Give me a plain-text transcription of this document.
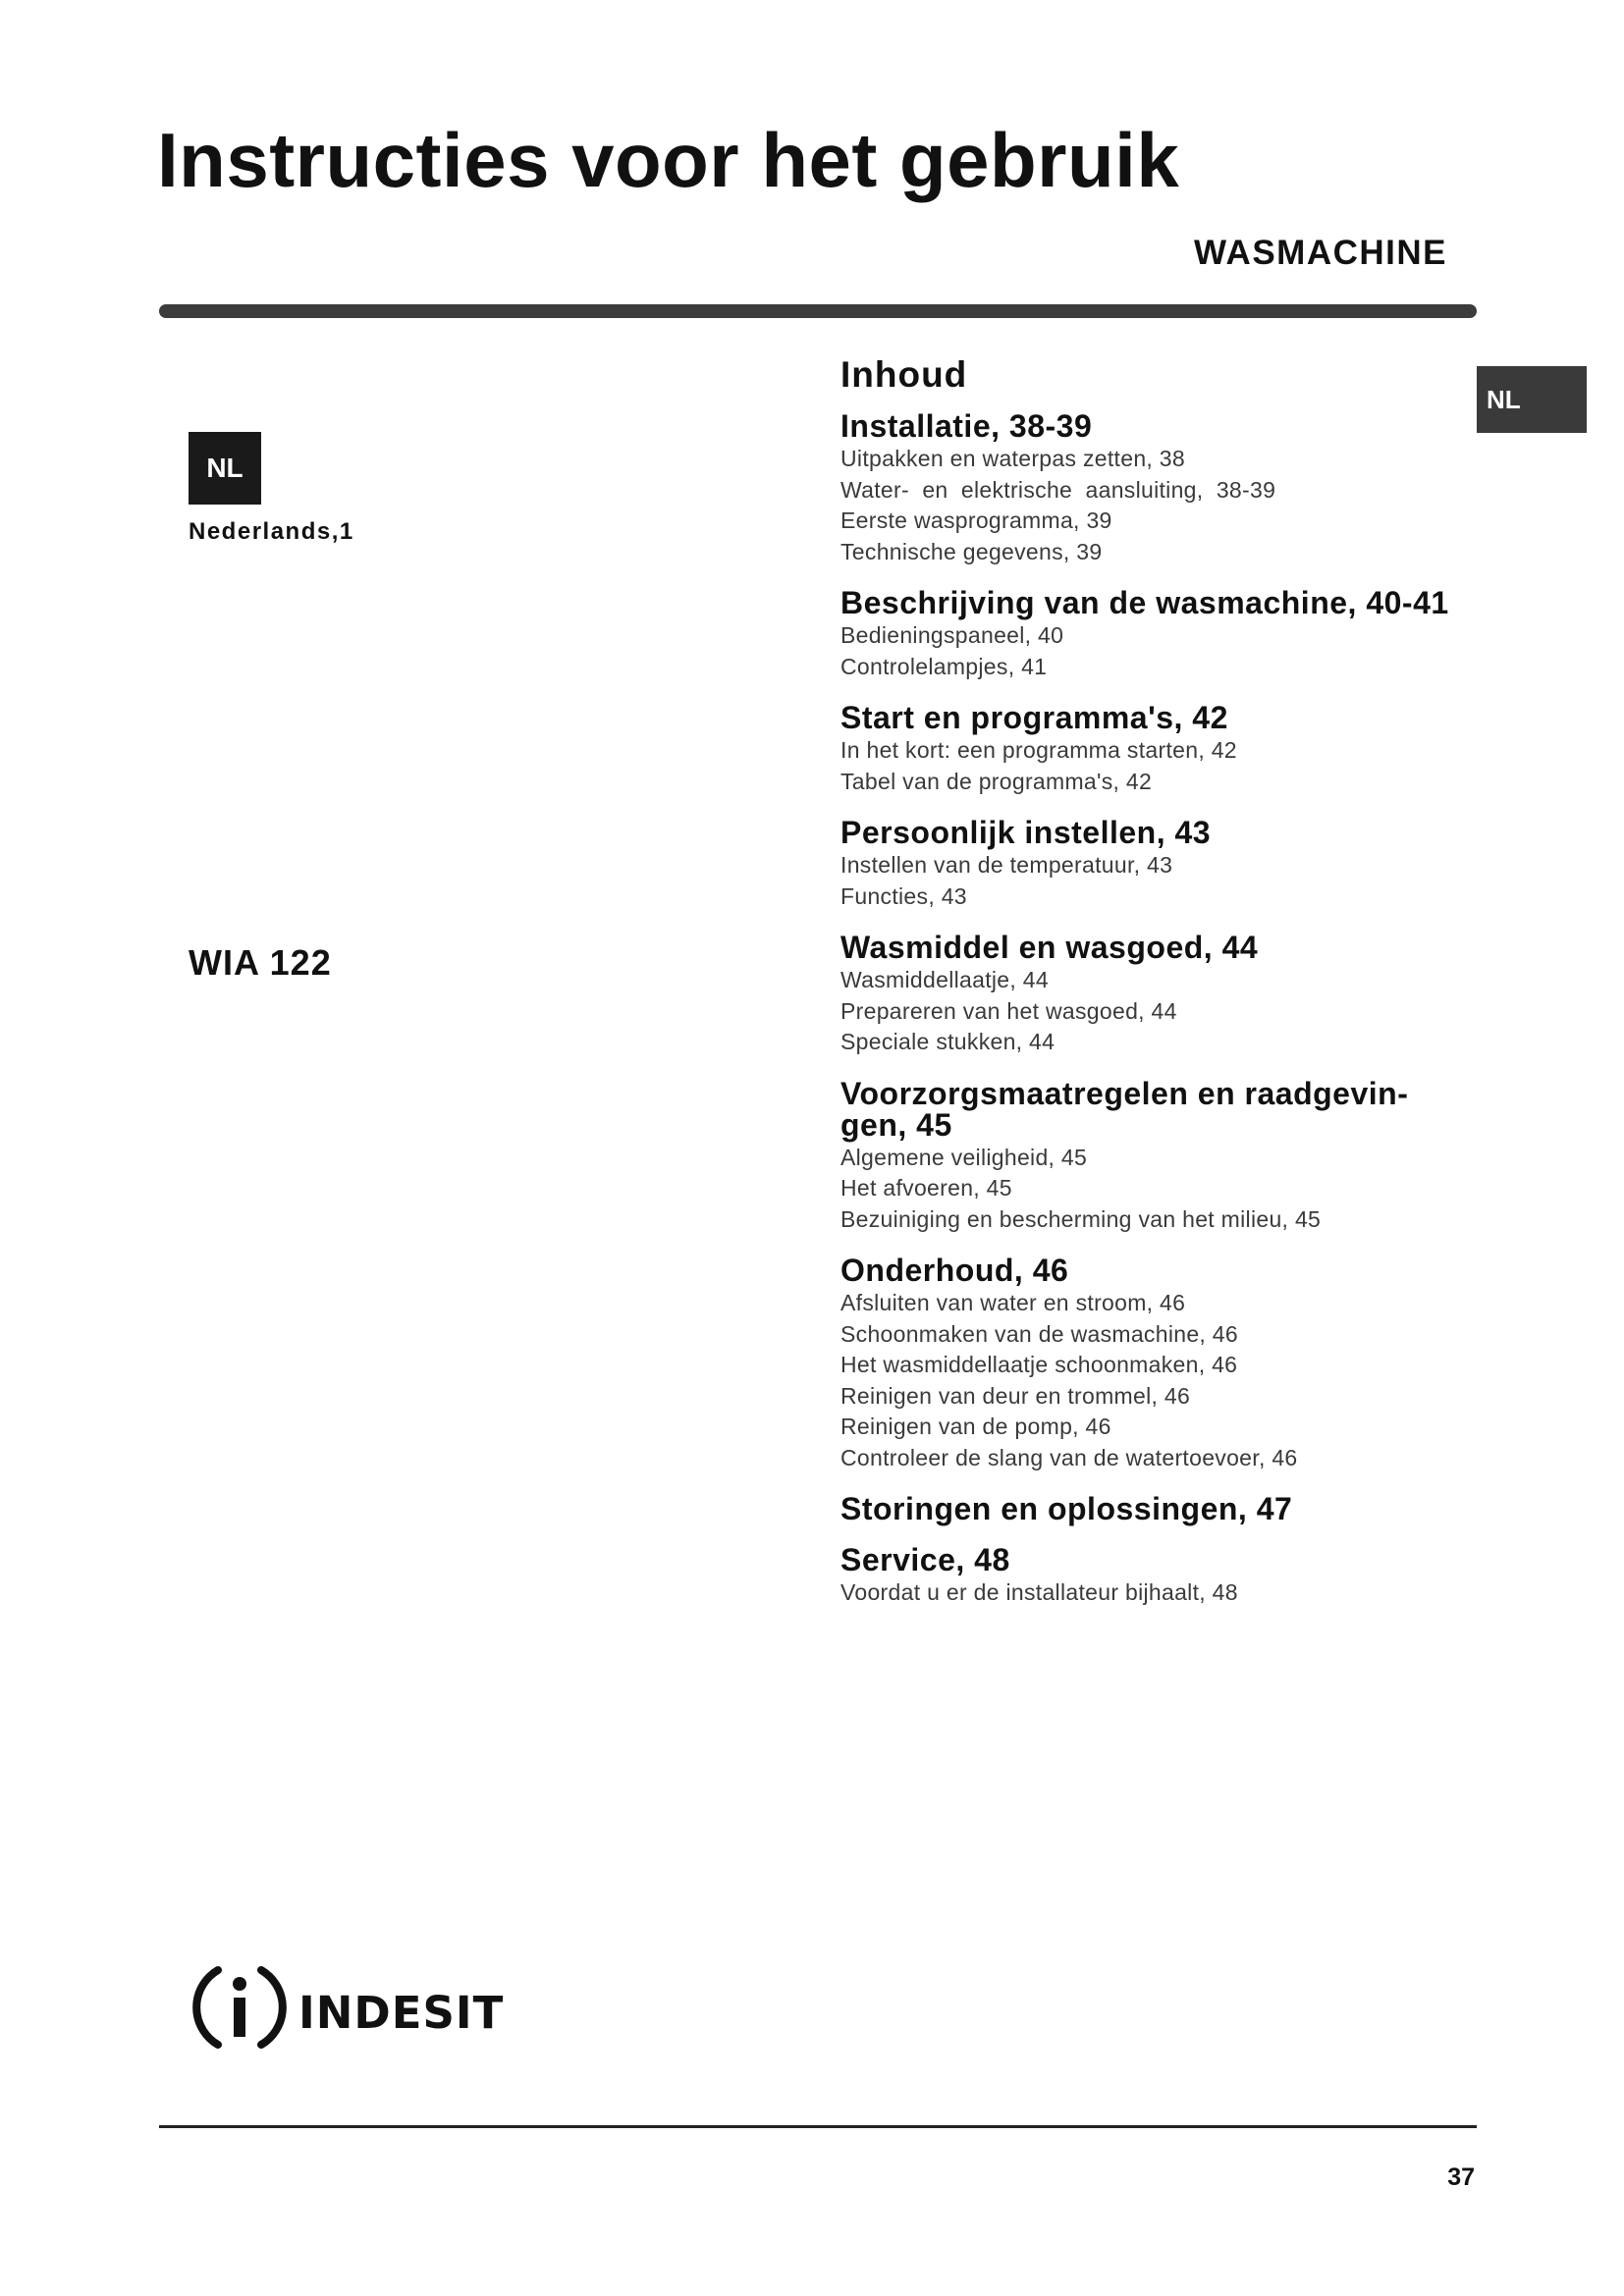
Instructies voor het gebruik
WASMACHINE
NL
Nederlands,1
WIA 122
NL
Inhoud
Installatie, 38-39
Uitpakken en waterpas zetten, 38
Water-  en  elektrische  aansluiting,  38-39
Eerste wasprogramma, 39
Technische gegevens, 39
Beschrijving van de wasmachine, 40-41
Bedieningspaneel, 40
Controlelampjes, 41
Start en programma's, 42
In het kort: een programma starten, 42
Tabel van de programma's, 42
Persoonlijk instellen, 43
Instellen van de temperatuur, 43
Functies, 43
Wasmiddel en wasgoed, 44
Wasmiddellaatje, 44
Prepareren van het wasgoed, 44
Speciale stukken, 44
Voorzorgsmaatregelen en raadgevin-
gen, 45
Algemene veiligheid, 45
Het afvoeren, 45
Bezuiniging en bescherming van het milieu, 45
Onderhoud, 46
Afsluiten van water en stroom, 46
Schoonmaken van de wasmachine, 46
Het wasmiddellaatje schoonmaken, 46
Reinigen van deur en trommel, 46
Reinigen van de pomp, 46
Controleer de slang van de watertoevoer, 46
Storingen en oplossingen, 47
Service, 48
Voordat u er de installateur bijhaalt, 48
indesit
37
